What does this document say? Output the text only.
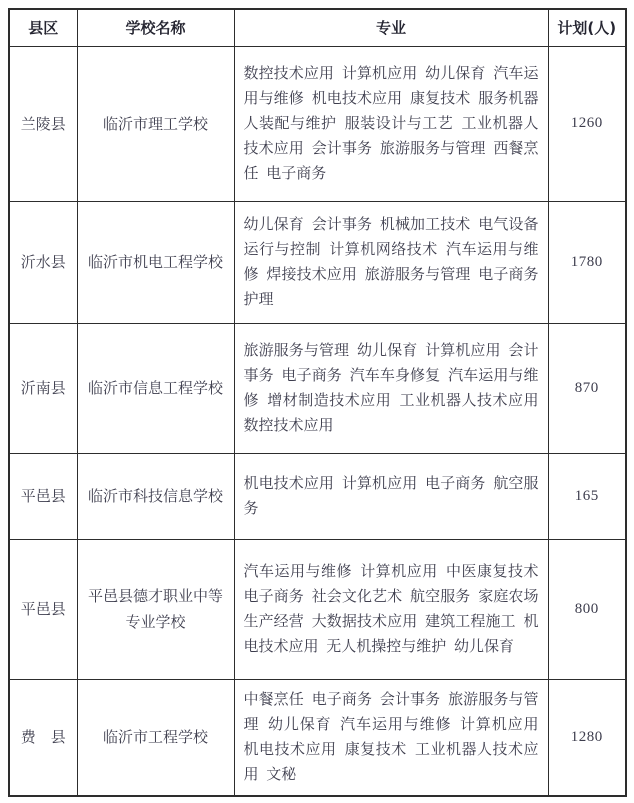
县区	学校名称	专业	计划(人)
兰陵县	临沂市理工学校	数控技术应用 计算机应用 幼儿保育 汽车运用与维修 机电技术应用 康复技术 服务机器人装配与维护 服装设计与工艺 工业机器人技术应用 会计事务 旅游服务与管理 西餐烹任 电子商务	1260
沂水县	临沂市机电工程学校	幼儿保育 会计事务 机械加工技术 电气设备运行与控制 计算机网络技术 汽车运用与维修 焊接技术应用 旅游服务与管理 电子商务 护理	1780
沂南县	临沂市信息工程学校	旅游服务与管理 幼儿保育 计算机应用 会计事务 电子商务 汽车车身修复 汽车运用与维修 增材制造技术应用 工业机器人技术应用 数控技术应用	870
平邑县	临沂市科技信息学校	机电技术应用 计算机应用 电子商务 航空服务	165
平邑县	平邑县德才职业中等专业学校	汽车运用与维修 计算机应用 中医康复技术 电子商务 社会文化艺术 航空服务 家庭农场生产经营 大数据技术应用 建筑工程施工 机电技术应用 无人机操控与维护 幼儿保育	800
费　县	临沂市工程学校	中餐烹任 电子商务 会计事务 旅游服务与管理 幼儿保育 汽车运用与维修 计算机应用 机电技术应用 康复技术 工业机器人技术应用 文秘	1280
